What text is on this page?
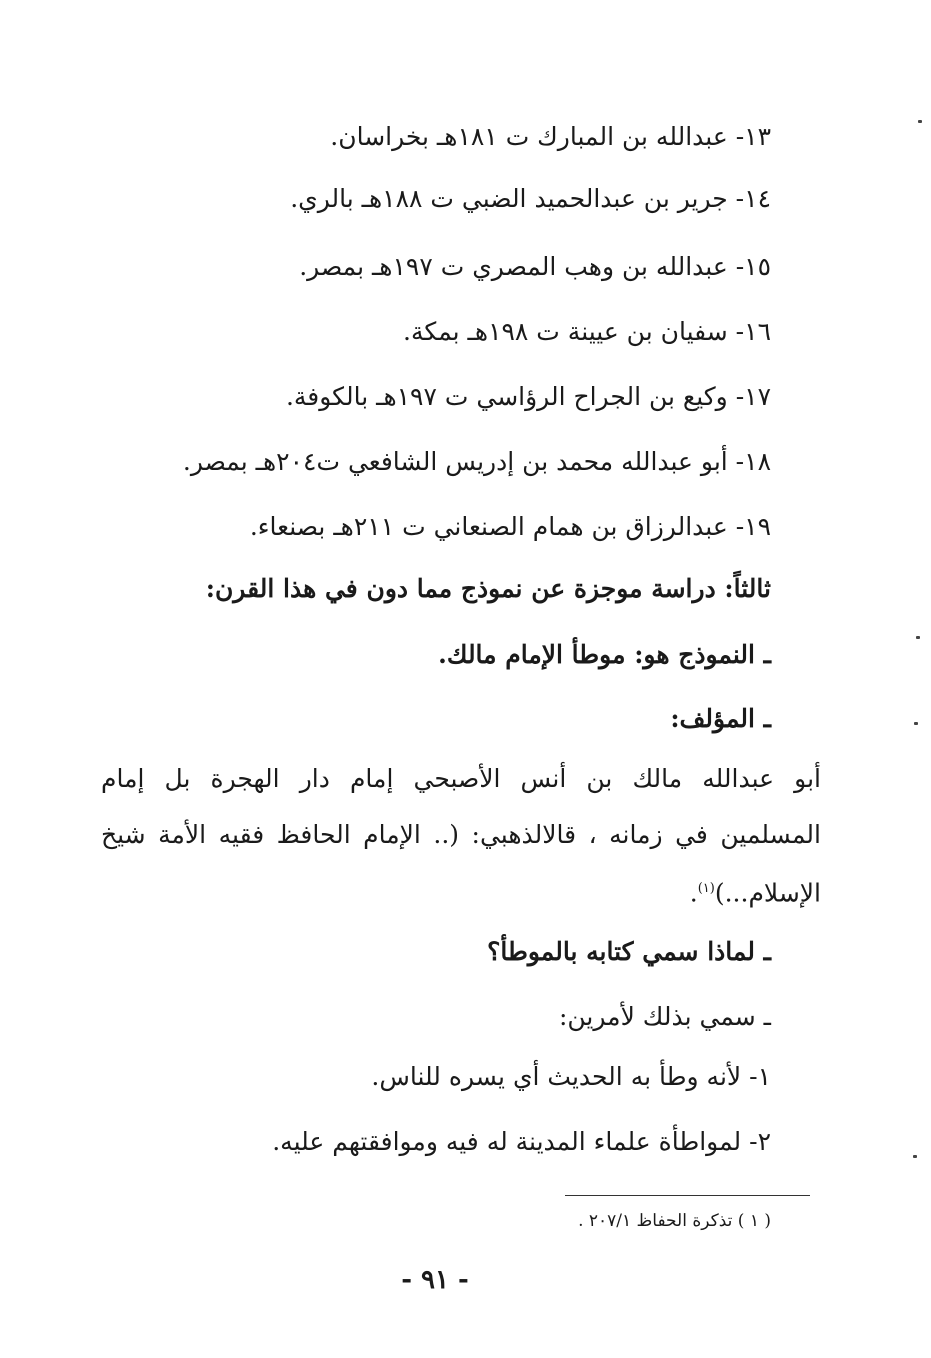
١٣- عبدالله بن المبارك ت ١٨١هـ بخراسان.
١٤- جرير بن عبدالحميد الضبي ت ١٨٨هـ بالري.
١٥- عبدالله بن وهب المصري ت ١٩٧هـ بمصر.
١٦- سفيان بن عيينة ت ١٩٨هـ بمكة.
١٧- وكيع بن الجراح الرؤاسي ت ١٩٧هـ بالكوفة.
١٨- أبو عبدالله محمد بن إدريس الشافعي ت٢٠٤هـ بمصر.
١٩- عبدالرزاق بن همام الصنعاني ت ٢١١هـ بصنعاء.
ثالثاً: دراسة موجزة عن نموذج مما دون في هذا القرن:
ـ النموذج هو: موطأ الإمام مالك.
ـ المؤلف:
أبو عبدالله مالك بن أنس الأصبحي إمام دار الهجرة بل إمام
المسلمين في زمانه ، قالالذهبي: (.. الإمام الحافظ فقيه الأمة شيخ
الإسلام...)$^{(١)}$.
ـ لماذا سمي كتابه بالموطأ؟
ـ سمي بذلك لأمرين:
١- لأنه وطأ به الحديث أي يسره للناس.
٢- لمواطأة علماء المدينة له فيه وموافقتهم عليه.
( ١ ) تذكرة الحفاظ ٢٠٧/١ .
- ٩١ -
